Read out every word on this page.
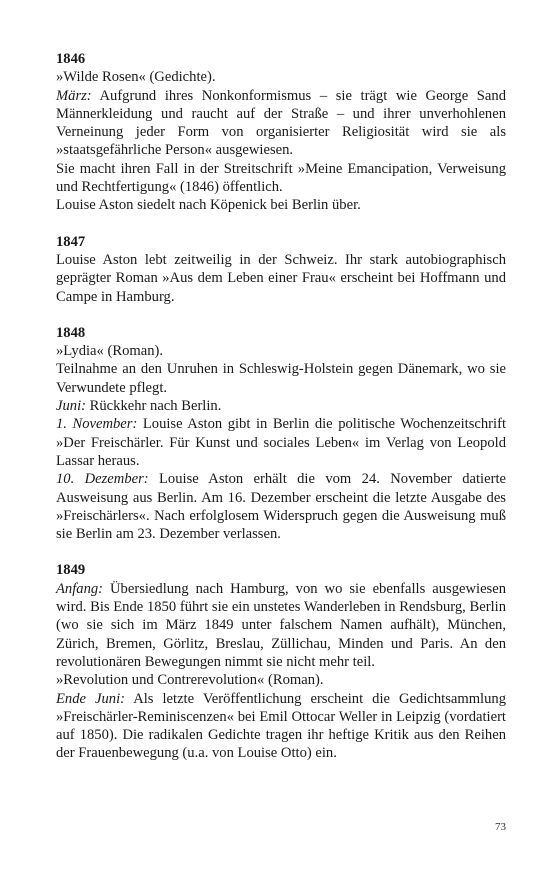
1846
»Wilde Rosen« (Gedichte).
März: Aufgrund ihres Nonkonformismus – sie trägt wie George Sand Männerkleidung und raucht auf der Straße – und ihrer unverhohlenen Verneinung jeder Form von organisierter Religiosität wird sie als »staatsgefährliche Person« ausgewiesen.
Sie macht ihren Fall in der Streitschrift »Meine Emancipation, Verweisung und Rechtfertigung« (1846) öffentlich.
Louise Aston siedelt nach Köpenick bei Berlin über.
1847
Louise Aston lebt zeitweilig in der Schweiz. Ihr stark autobiographisch geprägter Roman »Aus dem Leben einer Frau« erscheint bei Hoffmann und Campe in Hamburg.
1848
»Lydia« (Roman).
Teilnahme an den Unruhen in Schleswig-Holstein gegen Dänemark, wo sie Verwundete pflegt.
Juni: Rückkehr nach Berlin.
1. November: Louise Aston gibt in Berlin die politische Wochenzeitschrift »Der Freischärler. Für Kunst und sociales Leben« im Verlag von Leopold Lassar heraus.
10. Dezember: Louise Aston erhält die vom 24. November datierte Ausweisung aus Berlin. Am 16. Dezember erscheint die letzte Ausgabe des »Freischärlers«. Nach erfolglosem Widerspruch gegen die Ausweisung muß sie Berlin am 23. Dezember verlassen.
1849
Anfang: Übersiedlung nach Hamburg, von wo sie ebenfalls ausgewiesen wird. Bis Ende 1850 führt sie ein unstetes Wanderleben in Rendsburg, Berlin (wo sie sich im März 1849 unter falschem Namen aufhält), München, Zürich, Bremen, Görlitz, Breslau, Züllichau, Minden und Paris. An den revolutionären Bewegungen nimmt sie nicht mehr teil.
»Revolution und Contrerevolution« (Roman).
Ende Juni: Als letzte Veröffentlichung erscheint die Gedichtsammlung »Freischärler-Reminiscenzen« bei Emil Ottocar Weller in Leipzig (vordatiert auf 1850). Die radikalen Gedichte tragen ihr heftige Kritik aus den Reihen der Frauenbewegung (u.a. von Louise Otto) ein.
73
